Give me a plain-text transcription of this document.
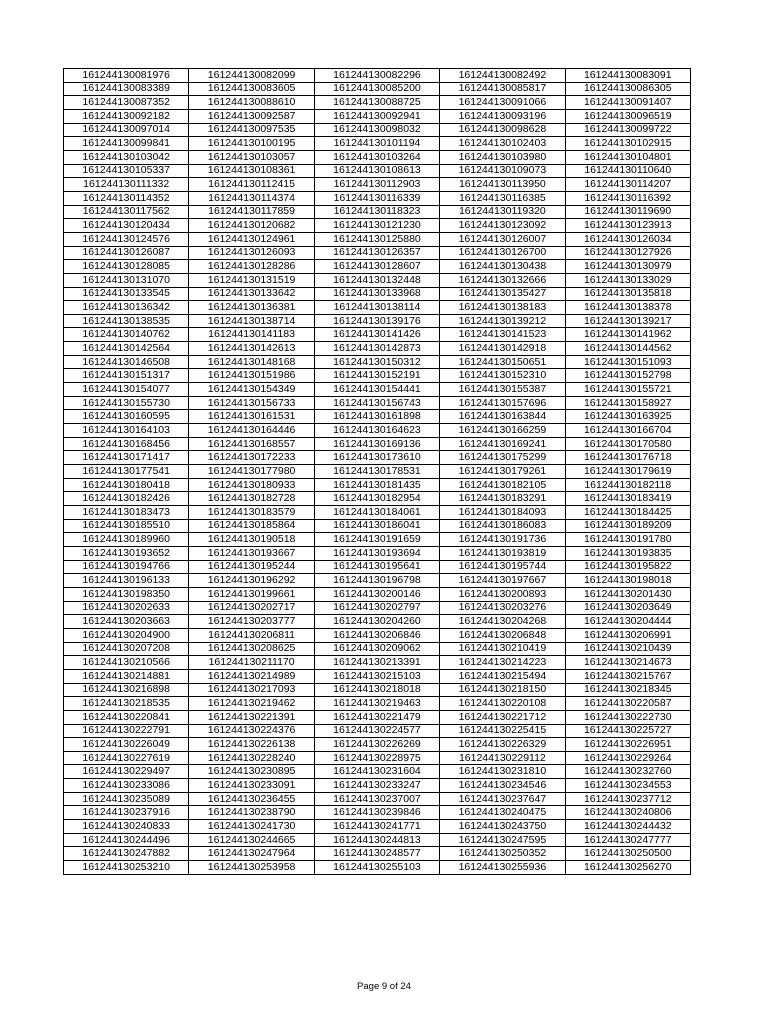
161244130081976	161244130082099	161244130082296	161244130082492	161244130083091
161244130083389	161244130083605	161244130085200	161244130085817	161244130086305
161244130087352	161244130088610	161244130088725	161244130091066	161244130091407
161244130092182	161244130092587	161244130092941	161244130093196	161244130096519
161244130097014	161244130097535	161244130098032	161244130098628	161244130099722
161244130099841	161244130100195	161244130101194	161244130102403	161244130102915
161244130103042	161244130103057	161244130103264	161244130103980	161244130104801
161244130105337	161244130108361	161244130108613	161244130109073	161244130110640
161244130111332	161244130112415	161244130112903	161244130113950	161244130114207
161244130114352	161244130114374	161244130116339	161244130116385	161244130116392
161244130117562	161244130117859	161244130118323	161244130119320	161244130119690
161244130120434	161244130120682	161244130121230	161244130123092	161244130123913
161244130124576	161244130124961	161244130125880	161244130126007	161244130126034
161244130126087	161244130126093	161244130126357	161244130126700	161244130127926
161244130128085	161244130128286	161244130128607	161244130130438	161244130130979
161244130131070	161244130131519	161244130132448	161244130132666	161244130133029
161244130133545	161244130133642	161244130133968	161244130135427	161244130135818
161244130136342	161244130136381	161244130138114	161244130138183	161244130138378
161244130138535	161244130138714	161244130139176	161244130139212	161244130139217
161244130140762	161244130141183	161244130141426	161244130141523	161244130141962
161244130142564	161244130142613	161244130142873	161244130142918	161244130144562
161244130146508	161244130148168	161244130150312	161244130150651	161244130151093
161244130151317	161244130151986	161244130152191	161244130152310	161244130152798
161244130154077	161244130154349	161244130154441	161244130155387	161244130155721
161244130155730	161244130156733	161244130156743	161244130157696	161244130158927
161244130160595	161244130161531	161244130161898	161244130163844	161244130163925
161244130164103	161244130164446	161244130164623	161244130166259	161244130166704
161244130168456	161244130168557	161244130169136	161244130169241	161244130170580
161244130171417	161244130172233	161244130173610	161244130175299	161244130176718
161244130177541	161244130177980	161244130178531	161244130179261	161244130179619
161244130180418	161244130180933	161244130181435	161244130182105	161244130182118
161244130182426	161244130182728	161244130182954	161244130183291	161244130183419
161244130183473	161244130183579	161244130184061	161244130184093	161244130184425
161244130185510	161244130185864	161244130186041	161244130186083	161244130189209
161244130189960	161244130190518	161244130191659	161244130191736	161244130191780
161244130193652	161244130193667	161244130193694	161244130193819	161244130193835
161244130194766	161244130195244	161244130195641	161244130195744	161244130195822
161244130196133	161244130196292	161244130196798	161244130197667	161244130198018
161244130198350	161244130199661	161244130200146	161244130200893	161244130201430
161244130202633	161244130202717	161244130202797	161244130203276	161244130203649
161244130203663	161244130203777	161244130204260	161244130204268	161244130204444
161244130204900	161244130206811	161244130206846	161244130206848	161244130206991
161244130207208	161244130208625	161244130209062	161244130210419	161244130210439
161244130210566	161244130211170	161244130213391	161244130214223	161244130214673
161244130214881	161244130214989	161244130215103	161244130215494	161244130215767
161244130216898	161244130217093	161244130218018	161244130218150	161244130218345
161244130218535	161244130219462	161244130219463	161244130220108	161244130220587
161244130220841	161244130221391	161244130221479	161244130221712	161244130222730
161244130222791	161244130224376	161244130224577	161244130225415	161244130225727
161244130226049	161244130226138	161244130226269	161244130226329	161244130226951
161244130227619	161244130228240	161244130228975	161244130229112	161244130229264
161244130229497	161244130230895	161244130231604	161244130231810	161244130232760
161244130233086	161244130233091	161244130233247	161244130234546	161244130234553
161244130235089	161244130236455	161244130237007	161244130237647	161244130237712
161244130237916	161244130238790	161244130239846	161244130240475	161244130240806
161244130240833	161244130241730	161244130241771	161244130243750	161244130244432
161244130244496	161244130244665	161244130244813	161244130247595	161244130247777
161244130247882	161244130247964	161244130248577	161244130250352	161244130250500
161244130253210	161244130253958	161244130255103	161244130255936	161244130256270
Page 9 of 24
